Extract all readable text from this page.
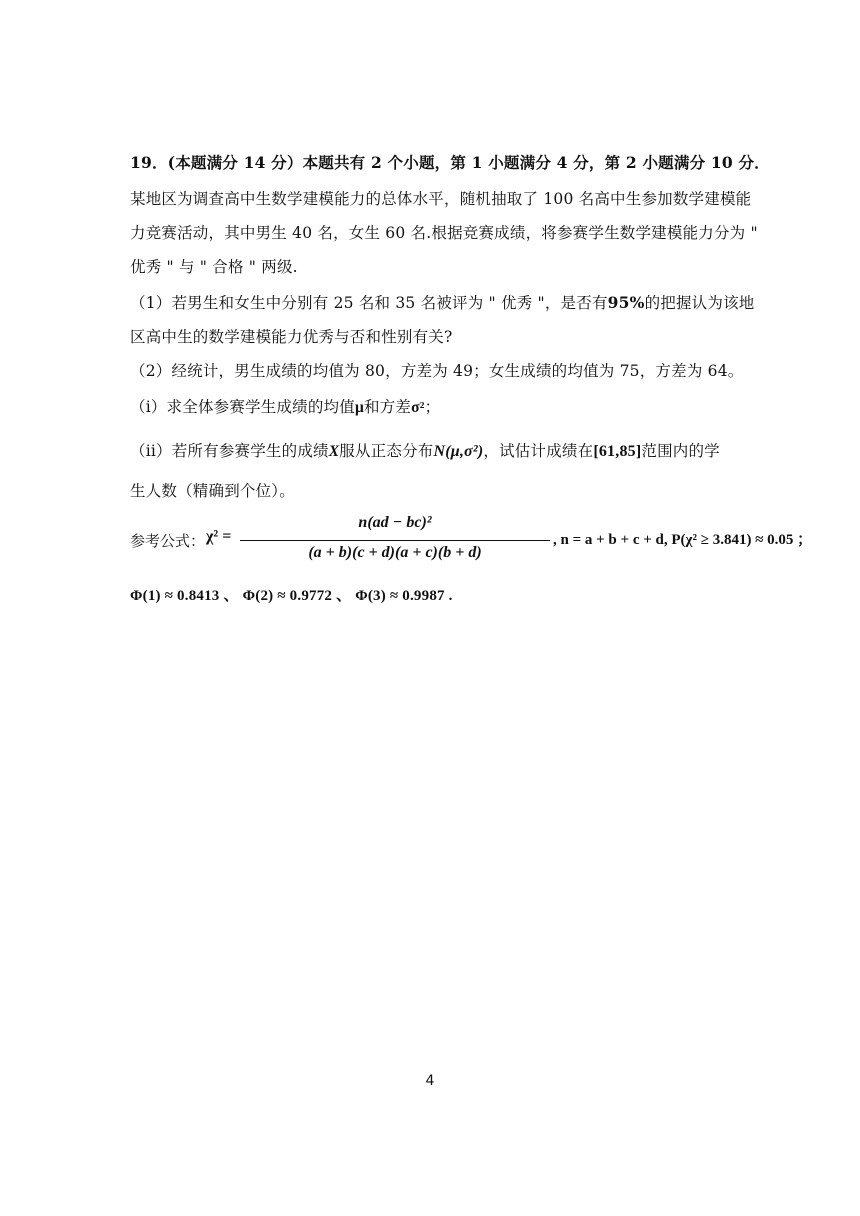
19．(本题满分 14 分）本题共有 2 个小题，第 1 小题满分 4 分，第 2 小题满分 10 分．
某地区为调查高中生数学建模能力的总体水平，随机抽取了 100 名高中生参加数学建模能
力竞赛活动，其中男生 40 名，女生 60 名.根据竞赛成绩，将参赛学生数学建模能力分为 "
优秀 " 与 " 合格 " 两级.
（1）若男生和女生中分别有 25 名和 35 名被评为 " 优秀 "，是否有95%的把握认为该地
区高中生的数学建模能力优秀与否和性别有关?
（2）经统计，男生成绩的均值为 80，方差为 49；女生成绩的均值为 75，方差为 64。
（i）求全体参赛学生成绩的均值μ和方差σ²；
（ii）若所有参赛学生的成绩X服从正态分布N(μ,σ²)，试估计成绩在[61,85]范围内的学
生人数（精确到个位）。
参考公式： χ² =
n(ad − bc)²
(a + b)(c + d)(a + c)(b + d)
, n = a + b + c + d, P(χ² ≥ 3.841) ≈ 0.05 ；
Φ(1) ≈ 0.8413 、 Φ(2) ≈ 0.9772 、 Φ(3) ≈ 0.9987 .
4
